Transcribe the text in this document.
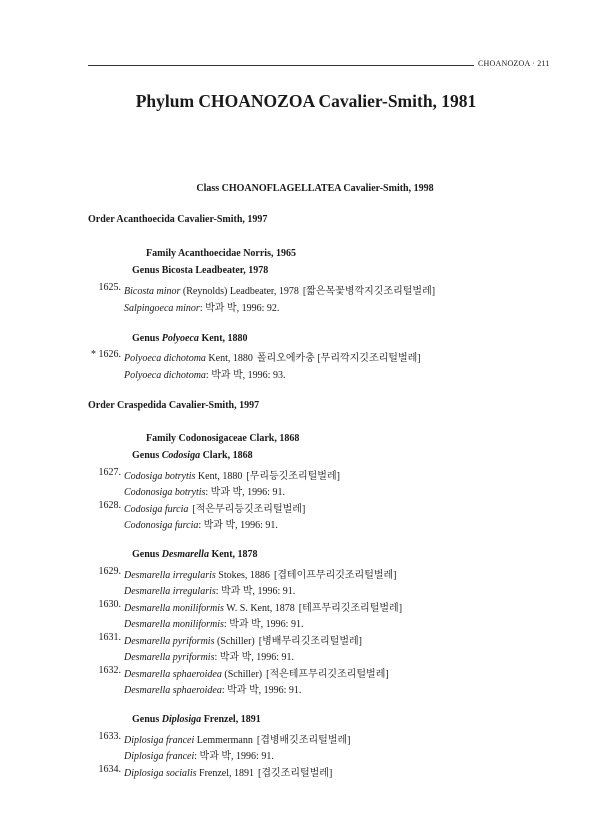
CHOANOZOA · 211
Phylum CHOANOZOA Cavalier-Smith, 1981
Class CHOANOFLAGELLATEA Cavalier-Smith, 1998
Order Acanthoecida Cavalier-Smith, 1997
Family Acanthoecidae Norris, 1965
Genus Bicosta Leadbeater, 1978
1625. Bicosta minor (Reynolds) Leadbeater, 1978 [짧은목꽃병깍지깃조리털벌레]
Salpingoeca minor: 박과 박, 1996: 92.
Genus Polyoeca Kent, 1880
* 1626. Polyoeca dichotoma Kent, 1880 폴리오에카충 [무리깍지깃조리털벌레]
Polyoeca dichotoma: 박과 박, 1996: 93.
Order Craspedida Cavalier-Smith, 1997
Family Codonosigaceae Clark, 1868
Genus Codosiga Clark, 1868
1627. Codosiga botrytis Kent, 1880 [무리등깃조리털벌레]
Codonosiga botrytis: 박과 박, 1996: 91.
1628. Codosiga furcia [적은무리등깃조리털벌레]
Codonosiga furcia: 박과 박, 1996: 91.
Genus Desmarella Kent, 1878
1629. Desmarella irregularis Stokes, 1886 [겹테이프무리깃조리털벌레]
Desmarella irregularis: 박과 박, 1996: 91.
1630. Desmarella moniliformis W. S. Kent, 1878 [테프무리깃조리털벌레]
Desmarella moniliformis: 박과 박, 1996: 91.
1631. Desmarella pyriformis (Schiller) [병배무리깃조리털벌레]
Desmarella pyriformis: 박과 박, 1996: 91.
1632. Desmarella sphaeroidea (Schiller) [적은테프무리깃조리털벌레]
Desmarella sphaeroidea: 박과 박, 1996: 91.
Genus Diplosiga Frenzel, 1891
1633. Diplosiga francei Lemmermann [겹병배깃조리털벌레]
Diplosiga francei: 박과 박, 1996: 91.
1634. Diplosiga socialis Frenzel, 1891 [겹깃조리털벌레]
